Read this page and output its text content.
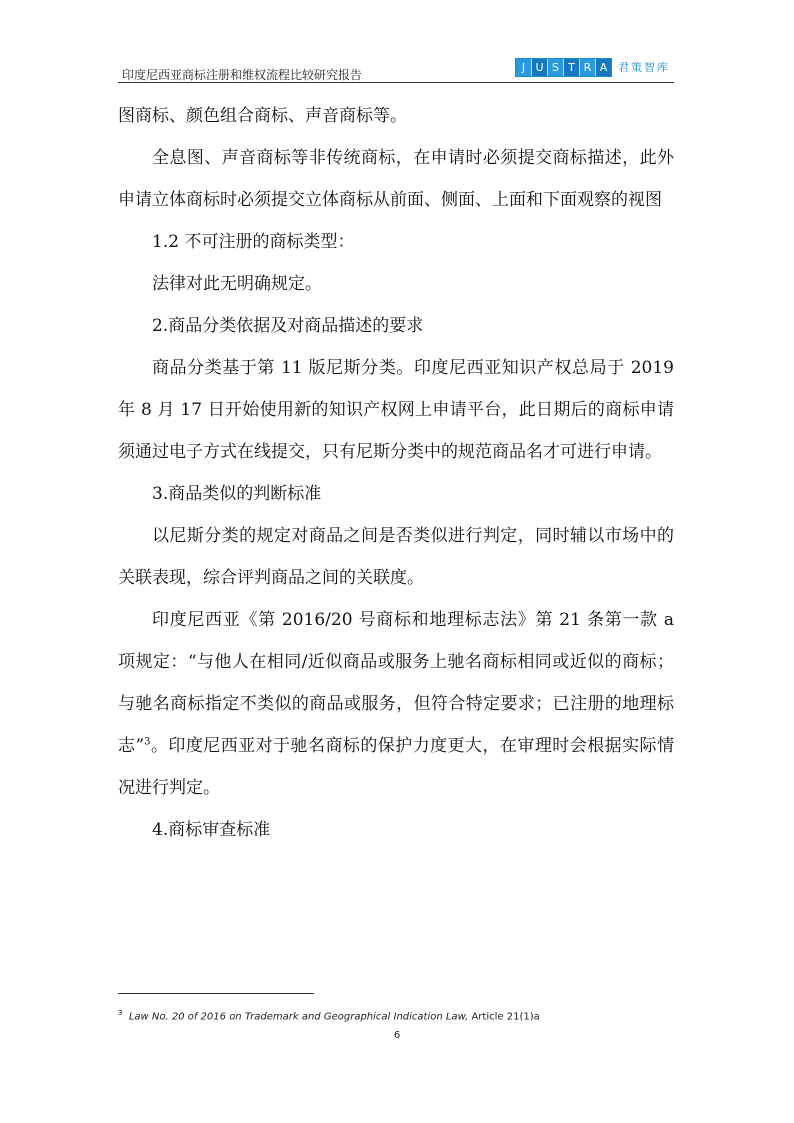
印度尼西亚商标注册和维权流程比较研究报告
J U S T R A 君策智库

图商标、颜色组合商标、声音商标等。

全息图、声音商标等非传统商标，在申请时必须提交商标描述，此外申请立体商标时必须提交立体商标从前面、侧面、上面和下面观察的视图

1.2 不可注册的商标类型：

法律对此无明确规定。

2.商品分类依据及对商品描述的要求

商品分类基于第 11 版尼斯分类。印度尼西亚知识产权总局于 2019 年 8 月 17 日开始使用新的知识产权网上申请平台，此日期后的商标申请须通过电子方式在线提交，只有尼斯分类中的规范商品名才可进行申请。

3.商品类似的判断标准

以尼斯分类的规定对商品之间是否类似进行判定，同时辅以市场中的关联表现，综合评判商品之间的关联度。

印度尼西亚《第 2016/20 号商标和地理标志法》第 21 条第一款 a 项规定：“与他人在相同/近似商品或服务上驰名商标相同或近似的商标；与驰名商标指定不类似的商品或服务，但符合特定要求；已注册的地理标志”$^3$。印度尼西亚对于驰名商标的保护力度更大，在审理时会根据实际情况进行判定。

4.商标审查标准

$^3$ Law No. 20 of 2016 on Trademark and Geographical Indication Law, Article 21(1)a
6
